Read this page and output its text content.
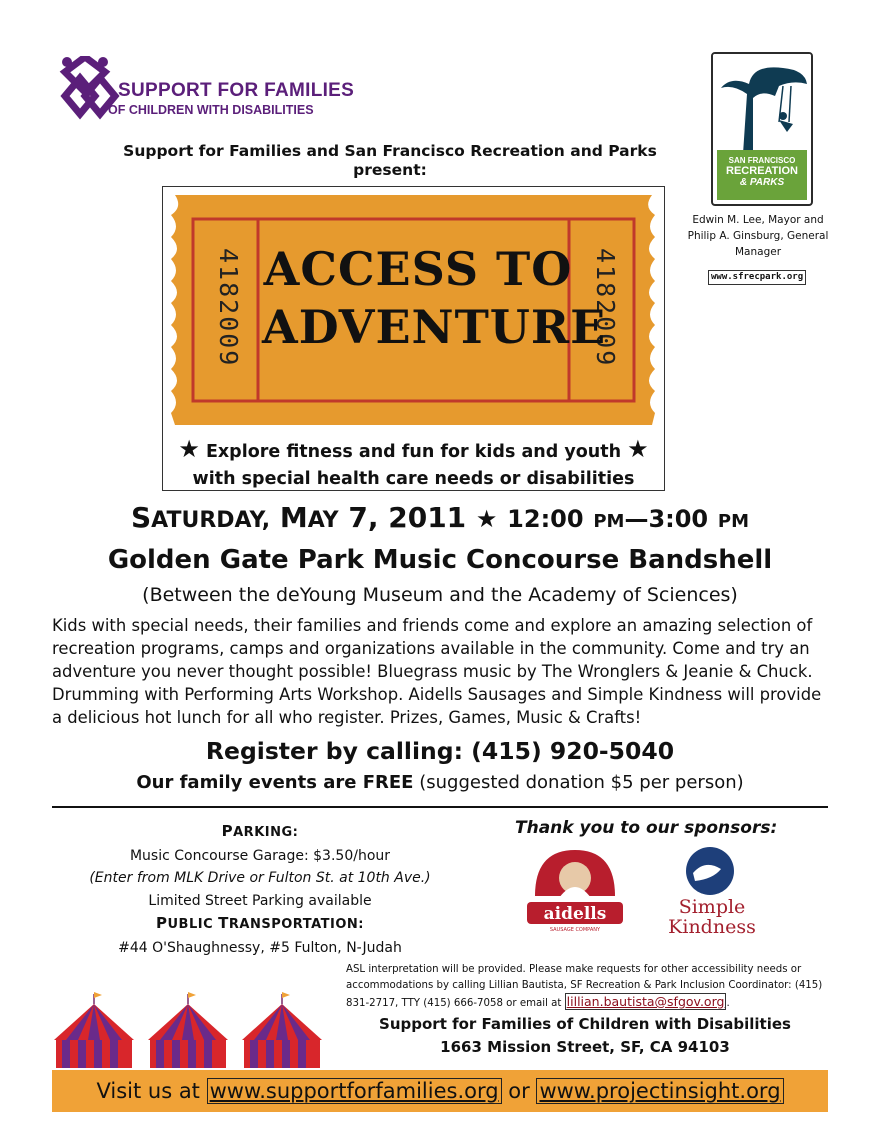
SUPPORT FOR FAMILIES
OF CHILDREN WITH DISABILITIES
Support for Families and San Francisco Recreation and Parks
present:
SAN FRANCISCO
RECREATION
& PARKS
Edwin M. Lee, Mayor and
Philip A. Ginsburg, General
Manager
www.sfrecpark.org
4182009	4182009
ACCESS TO
ADVENTURE
★ Explore fitness and fun for kids and youth ★
with special health care needs or disabilities
SATURDAY, MAY 7, 2011 ★ 12:00 PM—3:00 PM
Golden Gate Park Music Concourse Bandshell
(Between the deYoung Museum and the Academy of Sciences)
Kids with special needs, their families and friends come and explore an amazing selection of recreation programs, camps and organizations available in the community. Come and try an adventure you never thought possible! Bluegrass music by The Wronglers & Jeanie & Chuck. Drumming with Performing Arts Workshop. Aidells Sausages and Simple Kindness will provide a delicious hot lunch for all who register. Prizes, Games, Music & Crafts!
Register by calling: (415) 920-5040
Our family events are FREE (suggested donation $5 per person)
PARKING:
Music Concourse Garage: $3.50/hour
(Enter from MLK Drive or Fulton St. at 10th Ave.)
Limited Street Parking available
PUBLIC TRANSPORTATION:
#44 O'Shaughnessy, #5 Fulton, N-Judah
Thank you to our sponsors:
CHEF BRUCE
aidells
SAUSAGE COMPANY
Simple
Kindness
ASL interpretation will be provided. Please make requests for other accessibility needs or accommodations by calling Lillian Bautista, SF Recreation & Park Inclusion Coordinator: (415) 831-2717, TTY (415) 666-7058 or email at lillian.bautista@sfgov.org .
Support for Families of Children with Disabilities
1663 Mission Street, SF, CA 94103
Visit us at www.supportforfamilies.org or www.projectinsight.org
